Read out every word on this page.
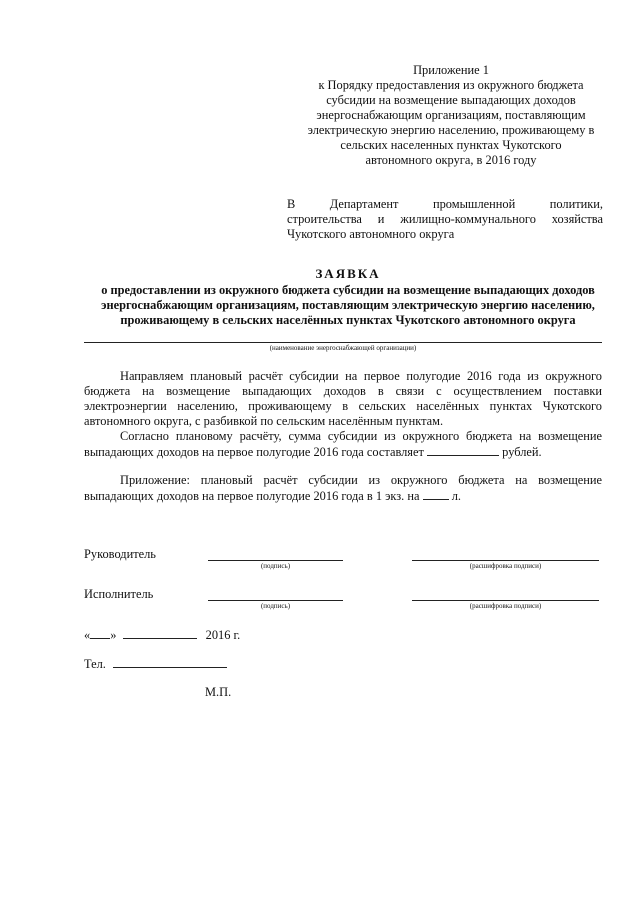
Приложение 1
к Порядку предоставления из окружного бюджета
субсидии на возмещение выпадающих доходов
энергоснабжающим организациям, поставляющим
электрическую энергию населению, проживающему в
сельских населенных пунктах Чукотского
автономного округа, в 2016 году
В Департамент промышленной политики,
строительства и жилищно-коммунального хозяйства
Чукотского автономного округа
ЗАЯВКА
о предоставлении из окружного бюджета субсидии на возмещение выпадающих доходов
энергоснабжающим организациям, поставляющим электрическую энергию населению,
проживающему в сельских населённых пунктах Чукотского автономного округа
(наименование энергоснабжающей организации)
Направляем плановый расчёт субсидии на первое полугодие 2016 года из окружного
бюджета на возмещение выпадающих доходов в связи с осуществлением поставки
электроэнергии населению, проживающему в сельских населённых пунктах Чукотского
автономного округа, с разбивкой по сельским населённым пунктам.
Согласно плановому расчёту, сумма субсидии из окружного бюджета на возмещение
выпадающих доходов на первое полугодие 2016 года составляет	рублей.
Приложение: плановый расчёт субсидии из окружного бюджета на возмещение
выпадающих доходов на первое полугодие 2016 года в 1 экз. на	л.
Руководитель
(подпись)	(расшифровка подписи)
Исполнитель
(подпись)	(расшифровка подписи)
« »	2016 г.
Тел.
М.П.
